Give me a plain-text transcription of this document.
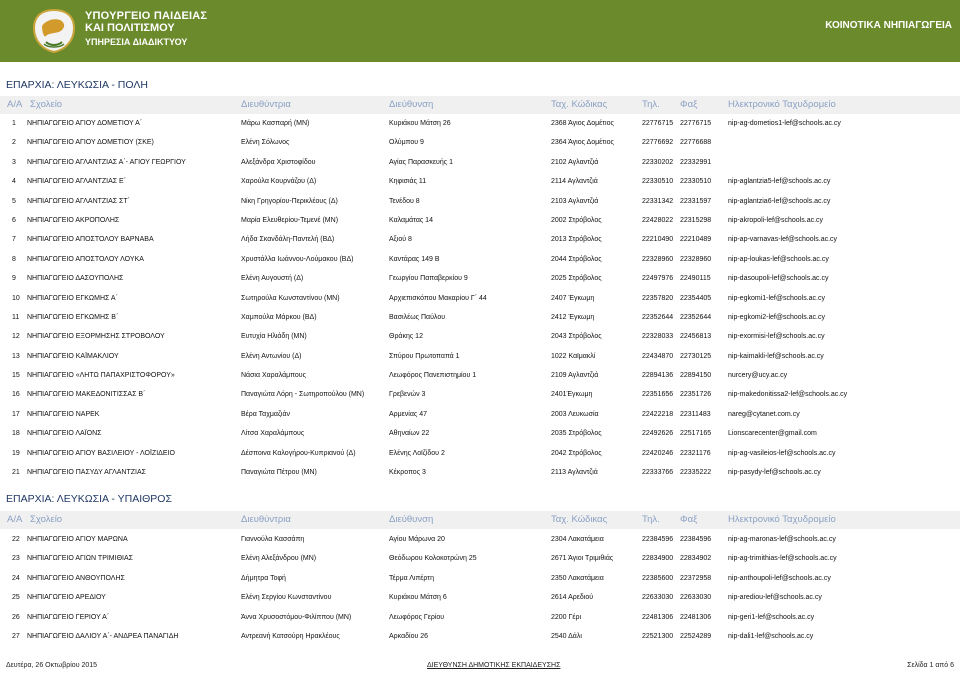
ΥΠΟΥΡΓΕΙΟ ΠΑΙΔΕΙΑΣ
ΚΑΙ ΠΟΛΙΤΙΣΜΟΥ
ΥΠΗΡΕΣΙΑ ΔΙΑΔΙΚΤΥΟΥ
ΚΟΙΝΟΤΙΚΑ ΝΗΠΙΑΓΩΓΕΙΑ
ΕΠΑΡΧΙΑ: ΛΕΥΚΩΣΙΑ - ΠΟΛΗ
Α/Α Σχολείο	Διευθύντρια	Διεύθυνση	Ταχ. Κώδικας	Τηλ. Φαξ	Ηλεκτρονικό Ταχυδρομείο
1 ΝΗΠΙΑΓΩΓΕΙΟ ΑΓΙΟΥ ΔΟΜΕΤΙΟΥ Α΄	Μάρω Κασπαρή (ΜΝ)	Κυριάκου Μάτση 26	2368 Άγιος Δομέτιος	22776715 22776715 nip-ag-dometios1-lef@schools.ac.cy
2 ΝΗΠΙΑΓΩΓΕΙΟ ΑΓΙΟΥ ΔΟΜΕΤΙΟΥ (ΣΚΕ)	Ελένη Σόλωνος	Ολύμπου 9	2364 Άγιος Δομέτιος	22776692 22776688
3 ΝΗΠΙΑΓΩΓΕΙΟ ΑΓΛΑΝΤΖΙΑΣ Α΄- ΑΓΙΟΥ ΓΕΩΡΓΙΟΥ	Αλεξάνδρα Χριστοφίδου	Αγίας Παρασκευής 1	2102 Αγλαντζιά	22330202 22332991
4 ΝΗΠΙΑΓΩΓΕΙΟ ΑΓΛΑΝΤΖΙΑΣ Ε΄	Χαρούλα Κουρνάζου (Δ)	Κηφισιάς 11	2114 Αγλαντζιά	22330510 22330510 nip-aglantzia5-lef@schools.ac.cy
5 ΝΗΠΙΑΓΩΓΕΙΟ ΑΓΛΑΝΤΖΙΑΣ ΣΤ΄	Νίκη Γρηγορίου-Περικλέους (Δ)	Τενέδου 8	2103 Αγλαντζιά	22331342 22331597 nip-aglantzia6-lef@schools.ac.cy
6 ΝΗΠΙΑΓΩΓΕΙΟ ΑΚΡΟΠΟΛΗΣ	Μαρία Ελευθερίου-Τεμενέ (ΜΝ)	Καλαμάτας 14	2002 Στρόβολος	22428022 22315298 nip-akropoli-lef@schools.ac.cy
7 ΝΗΠΙΑΓΩΓΕΙΟ ΑΠΟΣΤΟΛΟΥ ΒΑΡΝΑΒΑ	Λήδα Σκανδάλη-Παντελή (ΒΔ)	Αξιού 8	2013 Στρόβολος	22210490 22210489 nip-ap-varnavas-lef@schools.ac.cy
8 ΝΗΠΙΑΓΩΓΕΙΟ ΑΠΟΣΤΟΛΟΥ ΛΟΥΚΑ	Χρυστάλλα Ιωάννου-Λούμακου (ΒΔ)	Καντάρας 149 Β	2044 Στρόβολος	22328960 22328960 nip-ap-loukas-lef@schools.ac.cy
9 ΝΗΠΙΑΓΩΓΕΙΟ ΔΑΣΟΥΠΟΛΗΣ	Ελένη Αυγουστή (Δ)	Γεωργίου Παπαβερκίου 9	2025 Στρόβολος	22497976 22490115 nip-dasoupoli-lef@schools.ac.cy
10 ΝΗΠΙΑΓΩΓΕΙΟ ΕΓΚΩΜΗΣ Α΄	Σωτηρούλα Κωνσταντίνου (ΜΝ)	Αρχιεπισκόπου Μακαρίου Γ΄ 44	2407 Έγκωμη	22357820 22354405 nip-egkomi1-lef@schools.ac.cy
11 ΝΗΠΙΑΓΩΓΕΙΟ ΕΓΚΩΜΗΣ Β΄	Χαμπούλα Μάρκου (ΒΔ)	Βασιλέως Παύλου	2412 Έγκωμη	22352644 22352644 nip-egkomi2-lef@schools.ac.cy
12 ΝΗΠΙΑΓΩΓΕΙΟ ΕΞΟΡΜΗΣΗΣ ΣΤΡΟΒΟΛΟΥ	Ευτυχία Ηλιάδη (ΜΝ)	Θράκης 12	2043 Στρόβολος	22328033 22456813 nip-exormisi-lef@schools.ac.cy
13 ΝΗΠΙΑΓΩΓΕΙΟ ΚΑΪΜΑΚΛΙΟΥ	Ελένη Αντωνίου (Δ)	Σπύρου Πρωτοπαπά 1	1022 Καϊμακλί	22434870 22730125 nip-kaimakli-lef@schools.ac.cy
15 ΝΗΠΙΑΓΩΓΕΙΟ «ΛΗΤΩ ΠΑΠΑΧΡΙΣΤΟΦΟΡΟΥ»	Νάσια Χαραλάμπους	Λεωφόρος Πανεπιστημίου 1	2109 Αγλαντζιά	22894136 22894150 nurcery@ucy.ac.cy
16 ΝΗΠΙΑΓΩΓΕΙΟ ΜΑΚΕΔΟΝΙΤΙΣΣΑΣ Β΄	Παναγιώτα Λόρη - Σωτηροπούλου (ΜΝ)	Γρεβενών 3	2401Έγκωμη	22351656 22351726 nip-makedonitissa2-lef@schools.ac.cy
17 ΝΗΠΙΑΓΩΓΕΙΟ ΝΑΡΕΚ	Βέρα Ταχμαζιάν	Αρμενίας 47	2003 Λευκωσία	22422218 22311483 nareg@cytanet.com.cy
18 ΝΗΠΙΑΓΩΓΕΙΟ ΛΑΪΟΝΣ	Λίτσα Χαραλάμπους	Αθηναίων 22	2035 Στρόβολος	22492626 22517165 Lionscarecenter@gmail.com
19 ΝΗΠΙΑΓΩΓΕΙΟ ΑΓΙΟΥ ΒΑΣΙΛΕΙΟΥ - ΛΟΪΖΙΔΕΙΟ	Δέσποινα Καλογήρου-Κυπριανού (Δ)	Ελένης Λοϊζίδου 2	2042 Στρόβολος	22420246 22321176 nip-ag-vasileios-lef@schools.ac.cy
21 ΝΗΠΙΑΓΩΓΕΙΟ ΠΑΣΥΔΥ ΑΓΛΑΝΤΖΙΑΣ	Παναγιώτα Πέτρου (ΜΝ)	Κέκροπος 3	2113 Αγλαντζιά	22333766 22335222 nip-pasydy-lef@schools.ac.cy
ΕΠΑΡΧΙΑ: ΛΕΥΚΩΣΙΑ - ΥΠΑΙΘΡΟΣ
Α/Α Σχολείο	Διευθύντρια	Διεύθυνση	Ταχ. Κώδικας	Τηλ. Φαξ	Ηλεκτρονικό Ταχυδρομείο
22 ΝΗΠΙΑΓΩΓΕΙΟ ΑΓΙΟΥ ΜΑΡΩΝΑ	Γιαννούλα Κασσάπη	Αγίου Μάρωνα 20	2304 Λακατάμεια	22384596 22384596 nip-ag-maronas-lef@schools.ac.cy
23 ΝΗΠΙΑΓΩΓΕΙΟ ΑΓΙΩΝ ΤΡΙΜΙΘΙΑΣ	Ελένη Αλεξάνδρου (ΜΝ)	Θεόδωρου Κολοκοτρώνη 25	2671 Άγιοι Τριμιθιάς	22834900 22834902 nip-ag-trimithias-lef@schools.ac.cy
24 ΝΗΠΙΑΓΩΓΕΙΟ ΑΝΘΟΥΠΟΛΗΣ	Δήμητρα Τοφή	Τέρμα Λιπέρτη	2350 Λακατάμεια	22385600 22372958 nip-anthoupoli-lef@schools.ac.cy
25 ΝΗΠΙΑΓΩΓΕΙΟ ΑΡΕΔΙΟΥ	Ελένη Σεργίου Κωνσταντίνου	Κυριάκου Μάτση 6	2614 Αρεδιού	22633030 22633030 nip-arediou-lef@schools.ac.cy
26 ΝΗΠΙΑΓΩΓΕΙΟ ΓΕΡΙΟΥ Α΄	Άννα Χρυσοστόμου-Φιλίππου (ΜΝ)	Λεωφόρος Γερίου	2200 Γέρι	22481306 22481306 nip-geri1-lef@schools.ac.cy
27 ΝΗΠΙΑΓΩΓΕΙΟ ΔΑΛΙΟΥ Α΄- ΑΝΔΡΕΑ ΠΑΝΑΓΙΔΗ	Αντρεανή Κατσούρη Ηρακλέους	Αρκαδίου 26	2540 Δάλι	22521300 22524289 nip-dali1-lef@schools.ac.cy
Δευτέρα, 26 Οκτωβρίου 2015	ΔΙΕΥΘΥΝΣΗ ΔΗΜΟΤΙΚΗΣ ΕΚΠΑΙΔΕΥΣΗΣ	Σελίδα 1 από 6
